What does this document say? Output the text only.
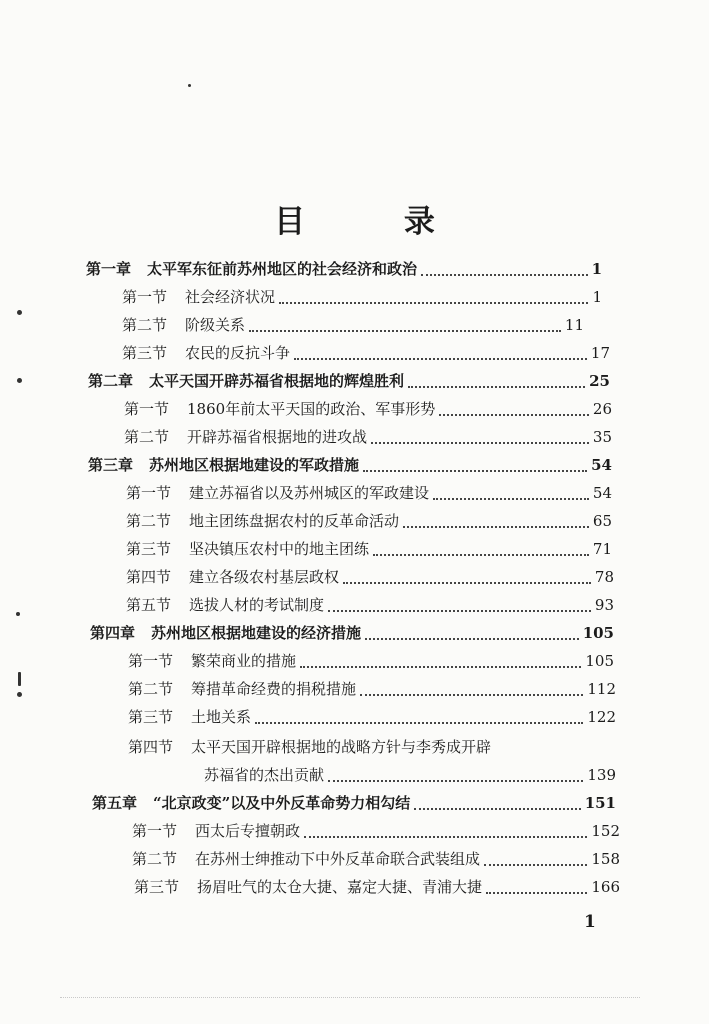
目 录
第一章 太平军东征前苏州地区的社会经济和政治	1
第一节 社会经济状况	1
第二节 阶级关系	11
第三节 农民的反抗斗争	17
第二章 太平天国开辟苏福省根据地的辉煌胜利	25
第一节 1860年前太平天国的政治、军事形势	26
第二节 开辟苏福省根据地的进攻战	35
第三章 苏州地区根据地建设的军政措施	54
第一节 建立苏福省以及苏州城区的军政建设	54
第二节 地主团练盘据农村的反革命活动	65
第三节 坚决镇压农村中的地主团练	71
第四节 建立各级农村基层政权	78
第五节 选拔人材的考试制度	93
第四章 苏州地区根据地建设的经济措施	105
第一节 繁荣商业的措施	105
第二节 筹措革命经费的捐税措施	112
第三节 土地关系	122
第四节 太平天国开辟根据地的战略方针与李秀成开辟
苏福省的杰出贡献	139
第五章 “北京政变”以及中外反革命势力相勾结	151
第一节 西太后专擅朝政	152
第二节 在苏州士绅推动下中外反革命联合武装组成	158
第三节 扬眉吐气的太仓大捷、嘉定大捷、青浦大捷	166
1
